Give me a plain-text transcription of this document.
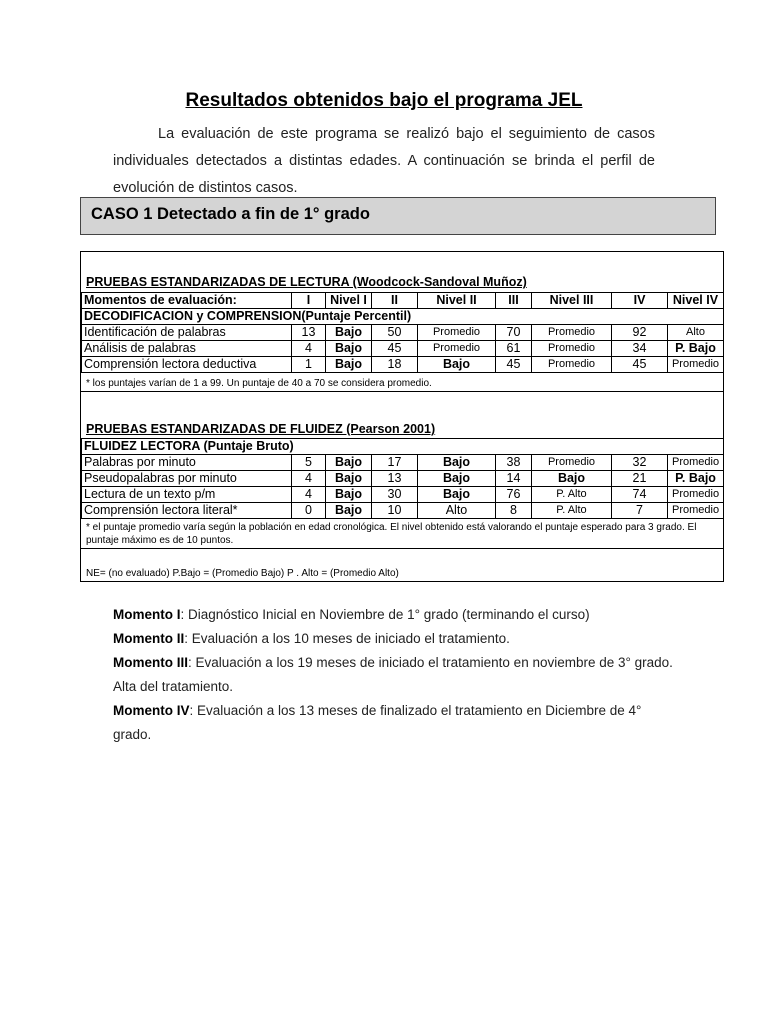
Resultados obtenidos bajo el programa JEL
La evaluación de este programa se realizó bajo el seguimiento de casos individuales detectados a distintas edades. A continuación se brinda el perfil de evolución de distintos casos.
CASO 1 Detectado a fin de 1° grado
PRUEBAS ESTANDARIZADAS DE LECTURA (Woodcock-Sandoval Muñoz)
Momentos de evaluación:	I	Nivel I	II	Nivel II	III	Nivel III	IV	Nivel IV
DECODIFICACION y COMPRENSION(Puntaje Percentil)								
Identificación de palabras	13	Bajo	50	Promedio	70	Promedio	92	Alto
Análisis de palabras	4	Bajo	45	Promedio	61	Promedio	34	P. Bajo
Comprensión lectora deductiva	1	Bajo	18	Bajo	45	Promedio	45	Promedio
* los puntajes varían de 1 a 99. Un puntaje de 40 a 70 se considera promedio.
PRUEBAS ESTANDARIZADAS DE FLUIDEZ (Pearson 2001)
FLUIDEZ LECTORA (Puntaje Bruto)								
Palabras por minuto	5	Bajo	17	Bajo	38	Promedio	32	Promedio
Pseudopalabras por minuto	4	Bajo	13	Bajo	14	Bajo	21	P. Bajo
Lectura de un texto p/m	4	Bajo	30	Bajo	76	P. Alto	74	Promedio
Comprensión lectora literal*	0	Bajo	10	Alto	8	P. Alto	7	Promedio
* el puntaje promedio varía según la población en edad cronológica. El nivel obtenido está valorando el puntaje esperado para 3 grado. El puntaje máximo es de 10 puntos.
NE= (no evaluado) P.Bajo = (Promedio Bajo) P . Alto = (Promedio Alto)
Momento I: Diagnóstico Inicial en Noviembre de 1° grado (terminando el curso)
Momento II: Evaluación a los 10 meses de iniciado el tratamiento.
Momento III: Evaluación a los 19 meses de iniciado el tratamiento en noviembre de 3° grado. Alta del tratamiento.
Momento IV: Evaluación a los 13 meses de finalizado el tratamiento en Diciembre de 4° grado.
